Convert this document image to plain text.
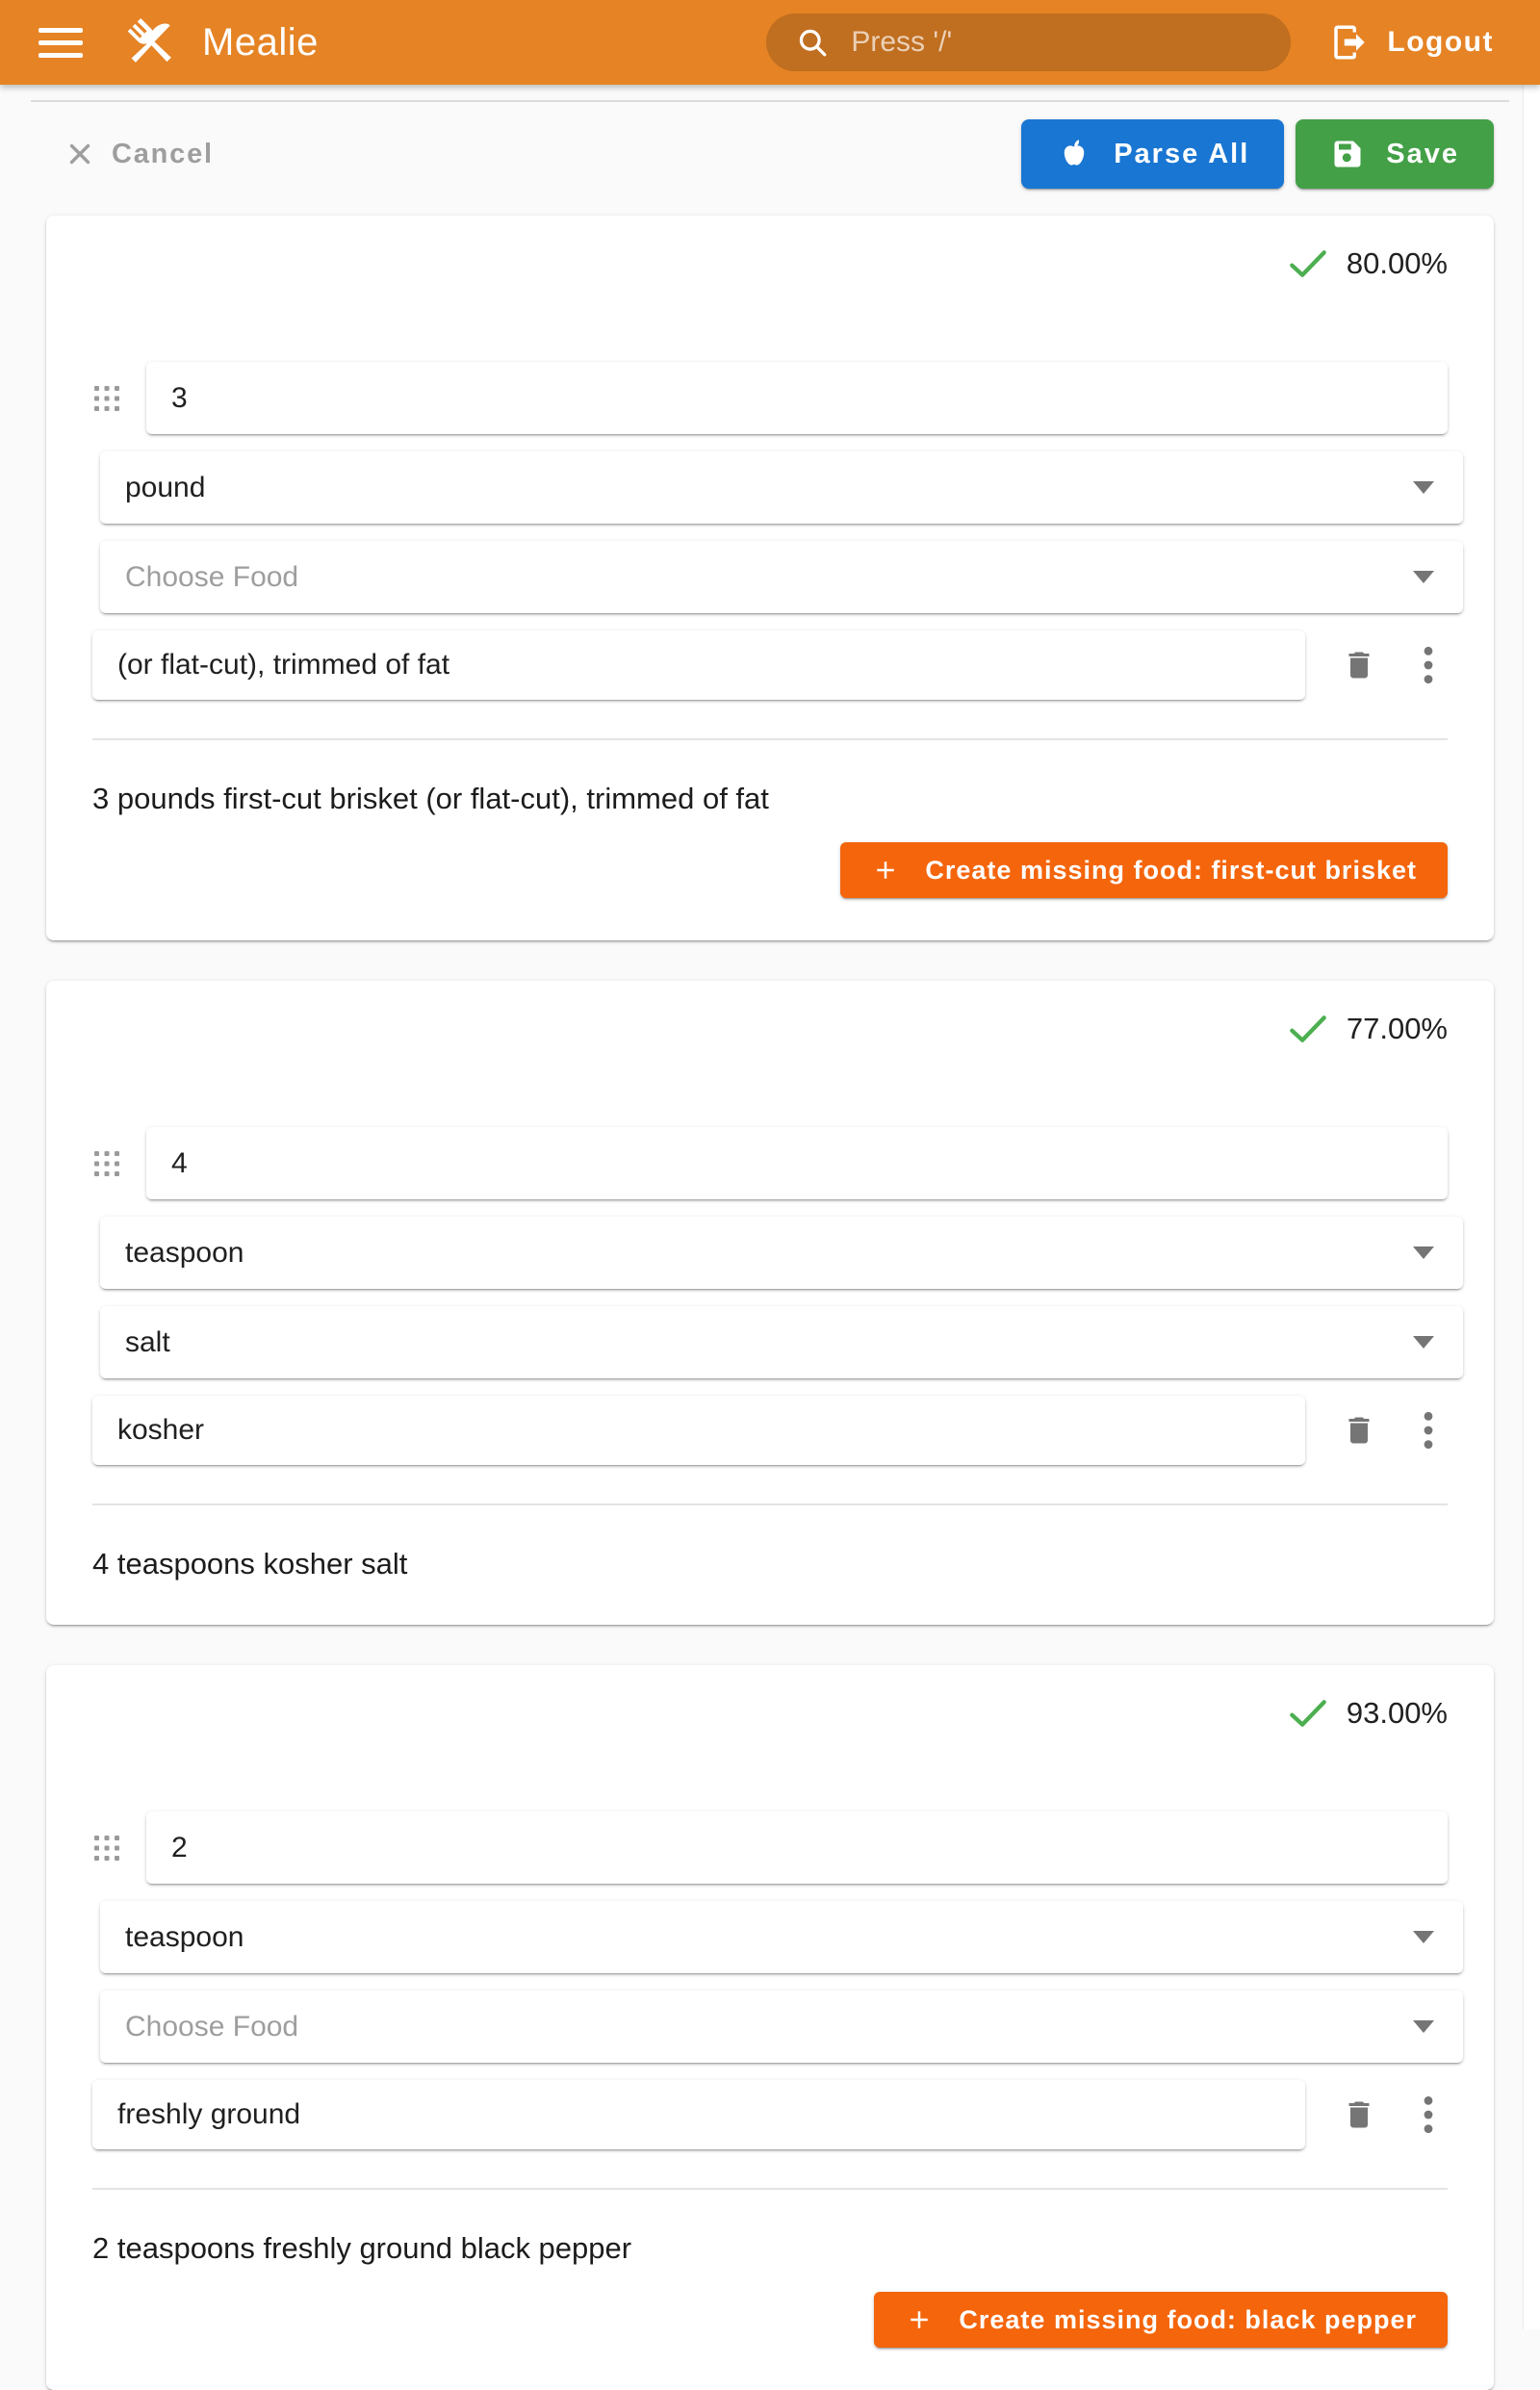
Mealie
Press '/'	Logout
Cancel	Parse All	Save
80.00%
3
pound
Choose Food
(or flat-cut), trimmed of fat
3 pounds first-cut brisket (or flat-cut), trimmed of fat
Create missing food: first-cut brisket
77.00%
4
teaspoon
salt
kosher
4 teaspoons kosher salt
93.00%
2
teaspoon
Choose Food
freshly ground
2 teaspoons freshly ground black pepper
Create missing food: black pepper
